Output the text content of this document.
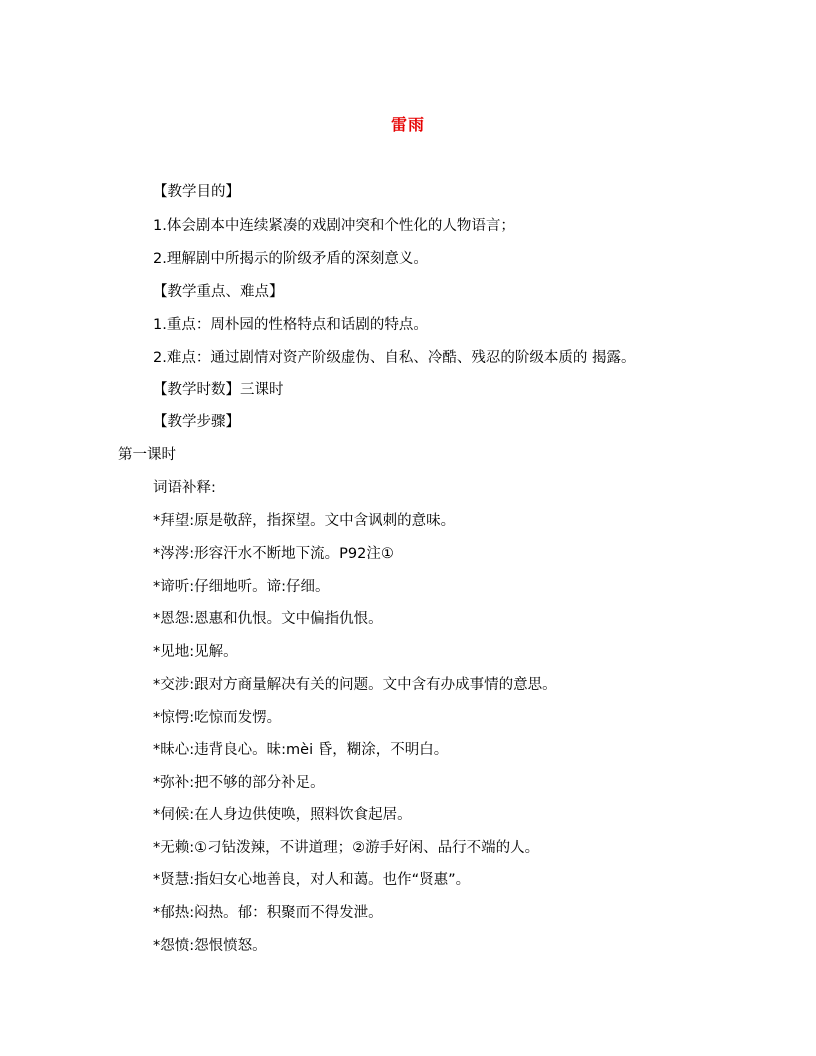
雷雨
【教学目的】
1.体会剧本中连续紧凑的戏剧冲突和个性化的人物语言；
2.理解剧中所揭示的阶级矛盾的深刻意义。
【教学重点、难点】
1.重点：周朴园的性格特点和话剧的特点。
2.难点：通过剧情对资产阶级虚伪、自私、冷酷、残忍的阶级本质的 揭露。
【教学时数】三课时
【教学步骤】
第一课时
词语补释:
*拜望:原是敬辞，指探望。文中含讽刺的意味。
*涔涔:形容汗水不断地下流。P92注①
*谛听:仔细地听。谛:仔细。
*恩怨:恩惠和仇恨。文中偏指仇恨。
*见地:见解。
*交涉:跟对方商量解决有关的问题。文中含有办成事情的意思。
*惊愕:吃惊而发愣。
*昧心:违背良心。昧:mèi 昏，糊涂，不明白。
*弥补:把不够的部分补足。
*伺候:在人身边供使唤，照料饮食起居。
*无赖:①刁钻泼辣，不讲道理；②游手好闲、品行不端的人。
*贤慧:指妇女心地善良，对人和蔼。也作“贤惠”。
*郁热:闷热。郁：积聚而不得发泄。
*怨愤:怨恨愤怒。
